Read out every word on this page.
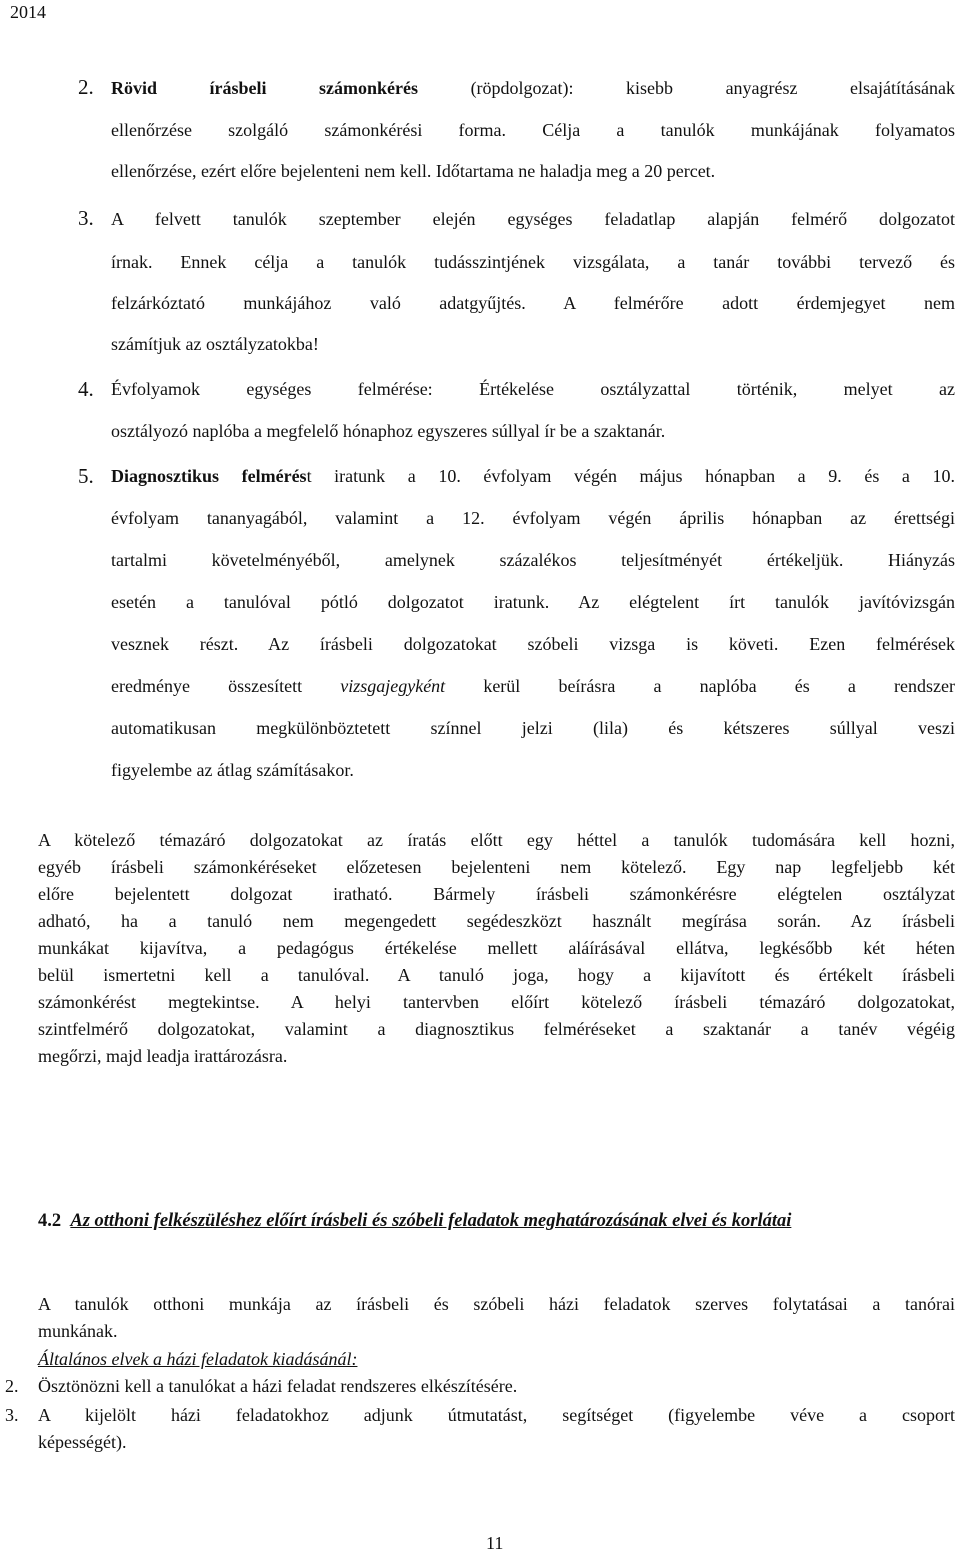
2014
2. Rövid írásbeli számonkérés (röpdolgozat): kisebb anyagrész elsajátításának
ellenőrzése szolgáló számonkérési forma. Célja a tanulók munkájának folyamatos
ellenőrzése, ezért előre bejelenteni nem kell. Időtartama ne haladja meg a 20 percet.
3. A felvett tanulók szeptember elején egységes feladatlap alapján felmérő dolgozatot
írnak. Ennek célja a tanulók tudásszintjének vizsgálata, a tanár további tervező és
felzárkóztató munkájához való adatgyűjtés. A felmérőre adott érdemjegyet nem
számítjuk az osztályzatokba!
4. Évfolyamok egységes felmérése: Értékelése osztályzattal történik, melyet az
osztályozó naplóba a megfelelő hónaphoz egyszeres súllyal ír be a szaktanár.
5. Diagnosztikus felmérést iratunk a 10. évfolyam végén május hónapban a 9. és a 10.
évfolyam tananyagából, valamint a 12. évfolyam végén április hónapban az érettségi
tartalmi követelményéből, amelynek százalékos teljesítményét értékeljük. Hiányzás
esetén a tanulóval pótló dolgozatot iratunk. Az elégtelent írt tanulók javítóvizsgán
vesznek részt. Az írásbeli dolgozatokat szóbeli vizsga is követi. Ezen felmérések
eredménye összesített vizsgajegyként kerül beírásra a naplóba és a rendszer
automatikusan megkülönböztetett színnel jelzi (lila) és kétszeres súllyal veszi
figyelembe az átlag számításakor.
A kötelező témazáró dolgozatokat az íratás előtt egy héttel a tanulók tudomására kell hozni,
egyéb írásbeli számonkéréseket előzetesen bejelenteni nem kötelező. Egy nap legfeljebb két
előre bejelentett dolgozat iratható. Bármely írásbeli számonkérésre elégtelen osztályzat
adható, ha a tanuló nem megengedett segédeszközt használt megírása során. Az írásbeli
munkákat kijavítva, a pedagógus értékelése mellett aláírásával ellátva, legkésőbb két héten
belül ismertetni kell a tanulóval. A tanuló joga, hogy a kijavított és értékelt írásbeli
számonkérést megtekintse. A helyi tantervben előírt kötelező írásbeli témazáró dolgozatokat,
szintfelmérő dolgozatokat, valamint a diagnosztikus felméréseket a szaktanár a tanév végéig
megőrzi, majd leadja irattározásra.
4.2 Az otthoni felkészüléshez előírt írásbeli és szóbeli feladatok meghatározásának elvei és korlátai
A tanulók otthoni munkája az írásbeli és szóbeli házi feladatok szerves folytatásai a tanórai
munkának.
Általános elvek a házi feladatok kiadásánál:
2. Ösztönözni kell a tanulókat a házi feladat rendszeres elkészítésére.
3. A kijelölt házi feladatokhoz adjunk útmutatást, segítséget (figyelembe véve a csoport
képességét).
11
